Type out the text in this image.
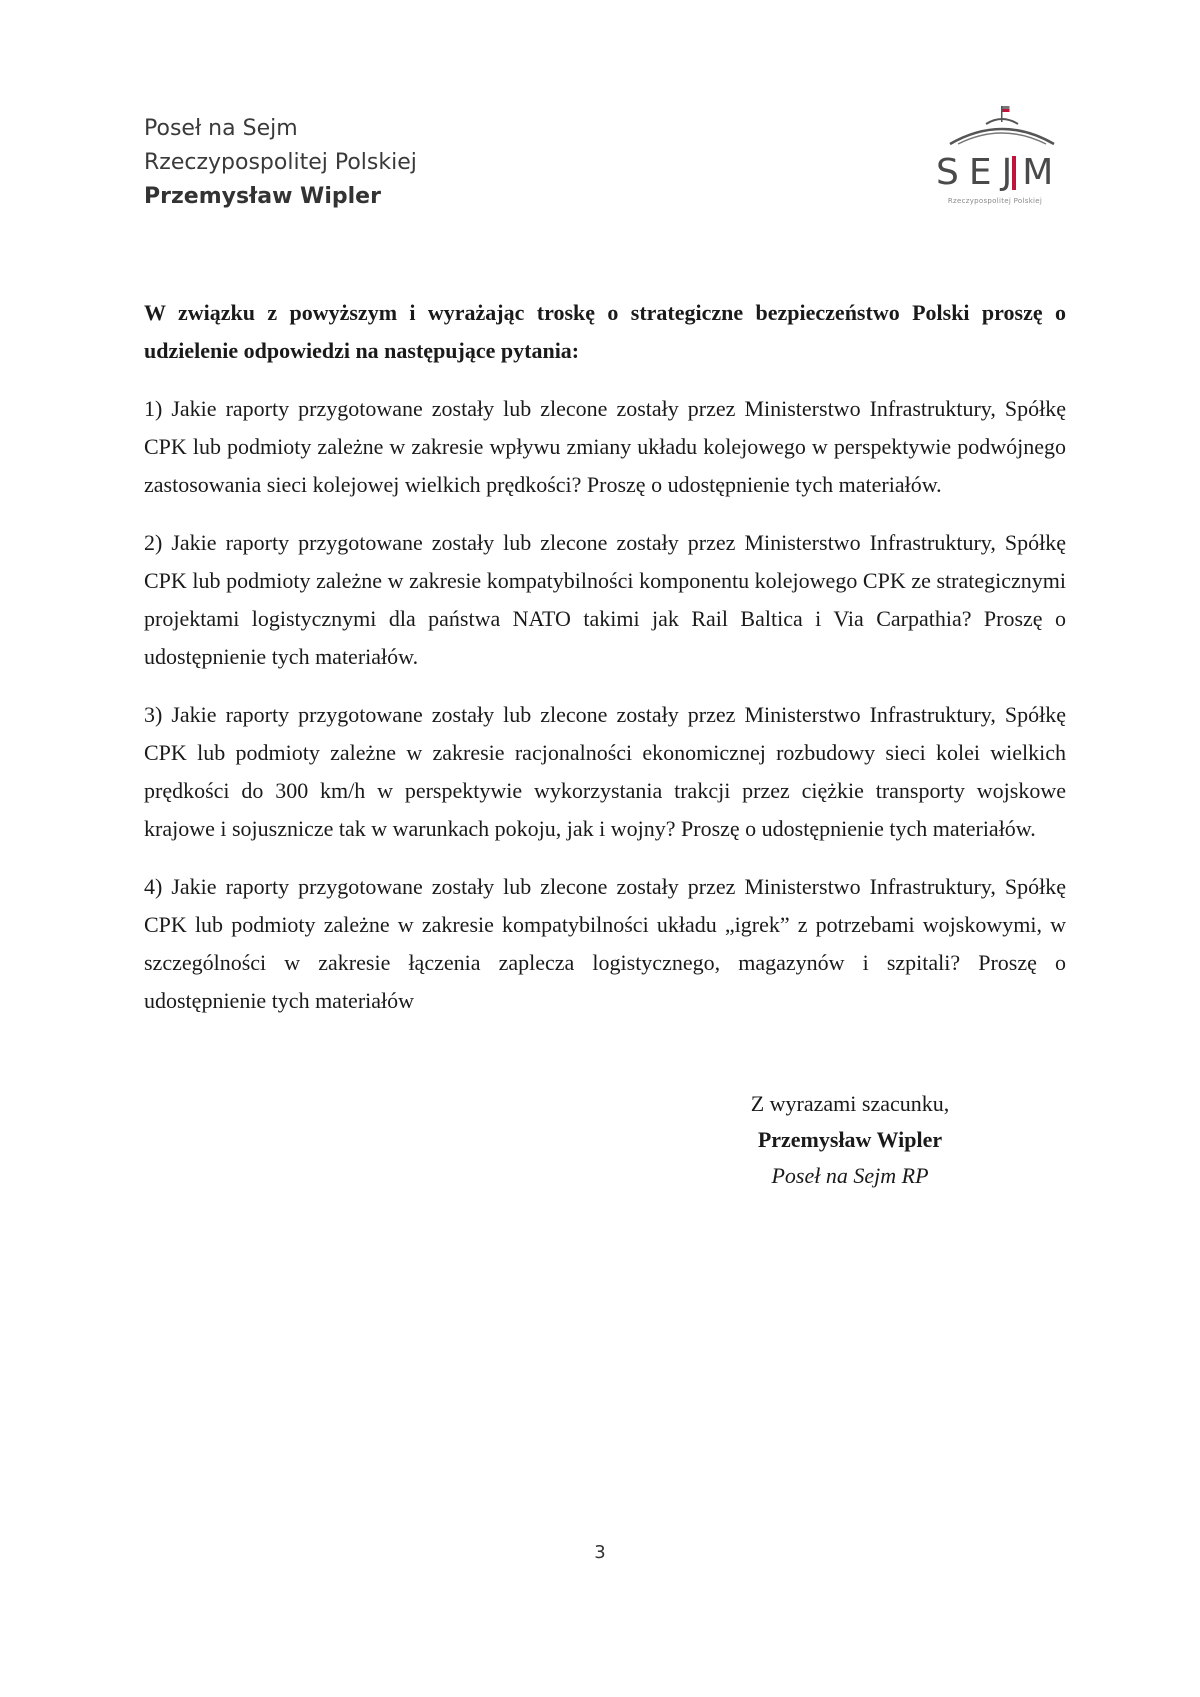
Poseł na Sejm
Rzeczypospolitej Polskiej
Przemysław Wipler
SEJM
Rzeczypospolitej Polskiej

W związku z powyższym i wyrażając troskę o strategiczne bezpieczeństwo Polski proszę o udzielenie odpowiedzi na następujące pytania:

1) Jakie raporty przygotowane zostały lub zlecone zostały przez Ministerstwo Infrastruktury, Spółkę CPK lub podmioty zależne w zakresie wpływu zmiany układu kolejowego w perspektywie podwójnego zastosowania sieci kolejowej wielkich prędkości? Proszę o udostępnienie tych materiałów.

2) Jakie raporty przygotowane zostały lub zlecone zostały przez Ministerstwo Infrastruktury, Spółkę CPK lub podmioty zależne w zakresie kompatybilności komponentu kolejowego CPK ze strategicznymi projektami logistycznymi dla państwa NATO takimi jak Rail Baltica i Via Carpathia? Proszę o udostępnienie tych materiałów.

3) Jakie raporty przygotowane zostały lub zlecone zostały przez Ministerstwo Infrastruktury, Spółkę CPK lub podmioty zależne w zakresie racjonalności ekonomicznej rozbudowy sieci kolei wielkich prędkości do 300 km/h w perspektywie wykorzystania trakcji przez ciężkie transporty wojskowe krajowe i sojusznicze tak w warunkach pokoju, jak i wojny? Proszę o udostępnienie tych materiałów.

4) Jakie raporty przygotowane zostały lub zlecone zostały przez Ministerstwo Infrastruktury, Spółkę CPK lub podmioty zależne w zakresie kompatybilności układu „igrek” z potrzebami wojskowymi, w szczególności w zakresie łączenia zaplecza logistycznego, magazynów i szpitali? Proszę o udostępnienie tych materiałów

Z wyrazami szacunku,
Przemysław Wipler
Poseł na Sejm RP
3
